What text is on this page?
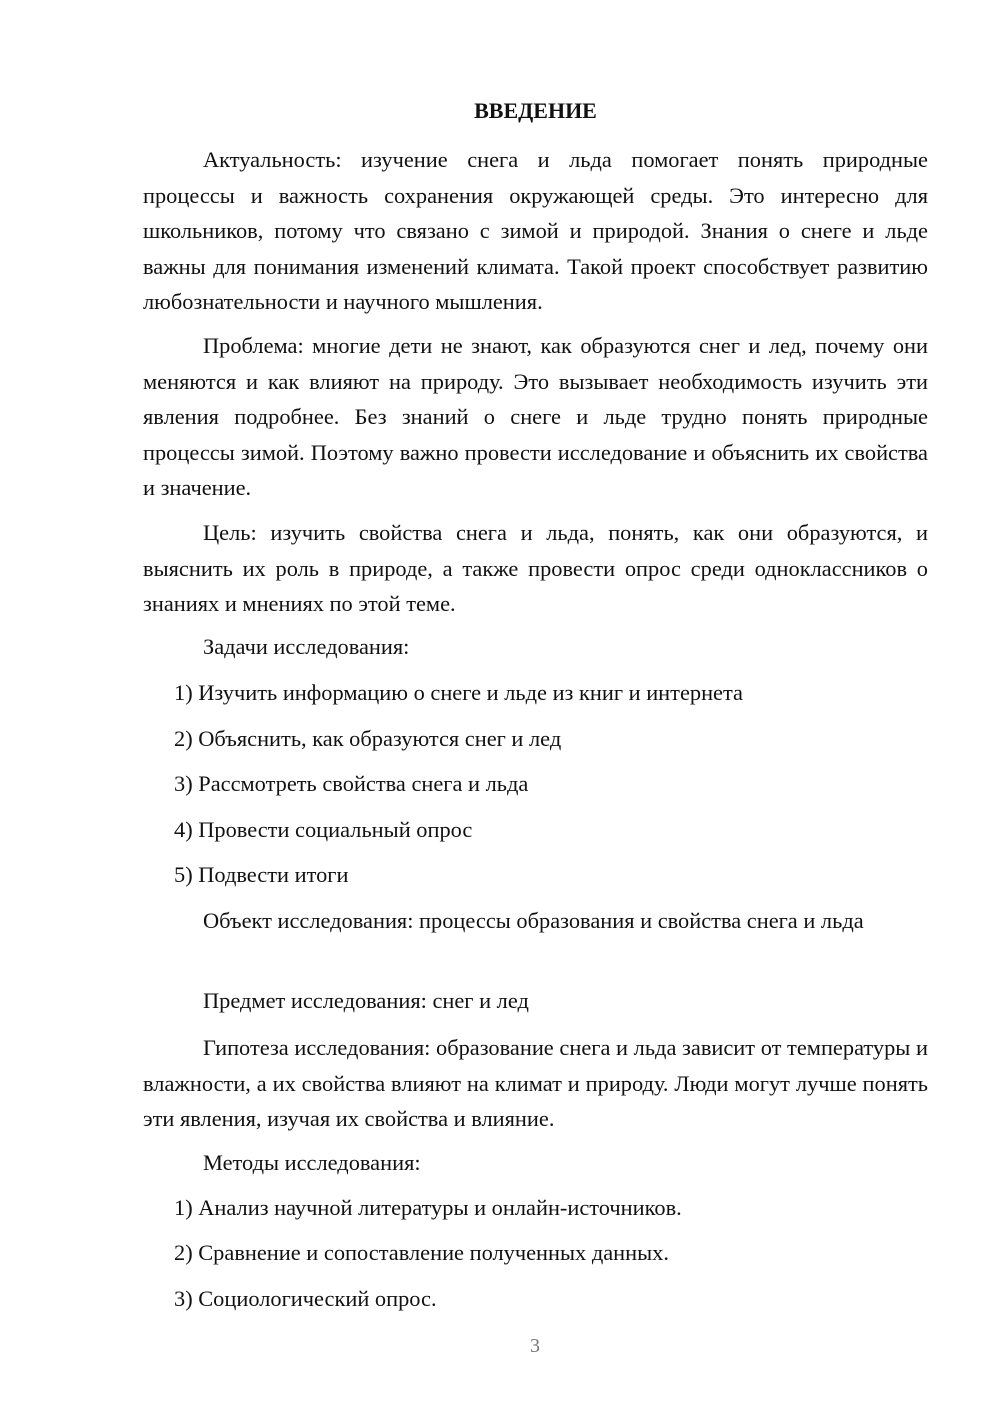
ВВЕДЕНИЕ

Актуальность: изучение снега и льда помогает понять природные процессы и важность сохранения окружающей среды. Это интересно для школьников, потому что связано с зимой и природой. Знания о снеге и льде важны для понимания изменений климата. Такой проект способствует развитию любознательности и научного мышления.

Проблема: многие дети не знают, как образуются снег и лед, почему они меняются и как влияют на природу. Это вызывает необходимость изучить эти явления подробнее. Без знаний о снеге и льде трудно понять природные процессы зимой. Поэтому важно провести исследование и объяснить их свойства и значение.

Цель: изучить свойства снега и льда, понять, как они образуются, и выяснить их роль в природе, а также провести опрос среди одноклассников о знаниях и мнениях по этой теме.

Задачи исследования:

1) Изучить информацию о снеге и льде из книг и интернета

2) Объяснить, как образуются снег и лед

3) Рассмотреть свойства снега и льда

4) Провести социальный опрос

5) Подвести итоги

Объект исследования: процессы образования и свойства снега и льда

Предмет исследования: снег и лед

Гипотеза исследования: образование снега и льда зависит от температуры и влажности, а их свойства влияют на климат и природу. Люди могут лучше понять эти явления, изучая их свойства и влияние.

Методы исследования:

1) Анализ научной литературы и онлайн-источников.

2) Сравнение и сопоставление полученных данных.

3) Социологический опрос.

3
